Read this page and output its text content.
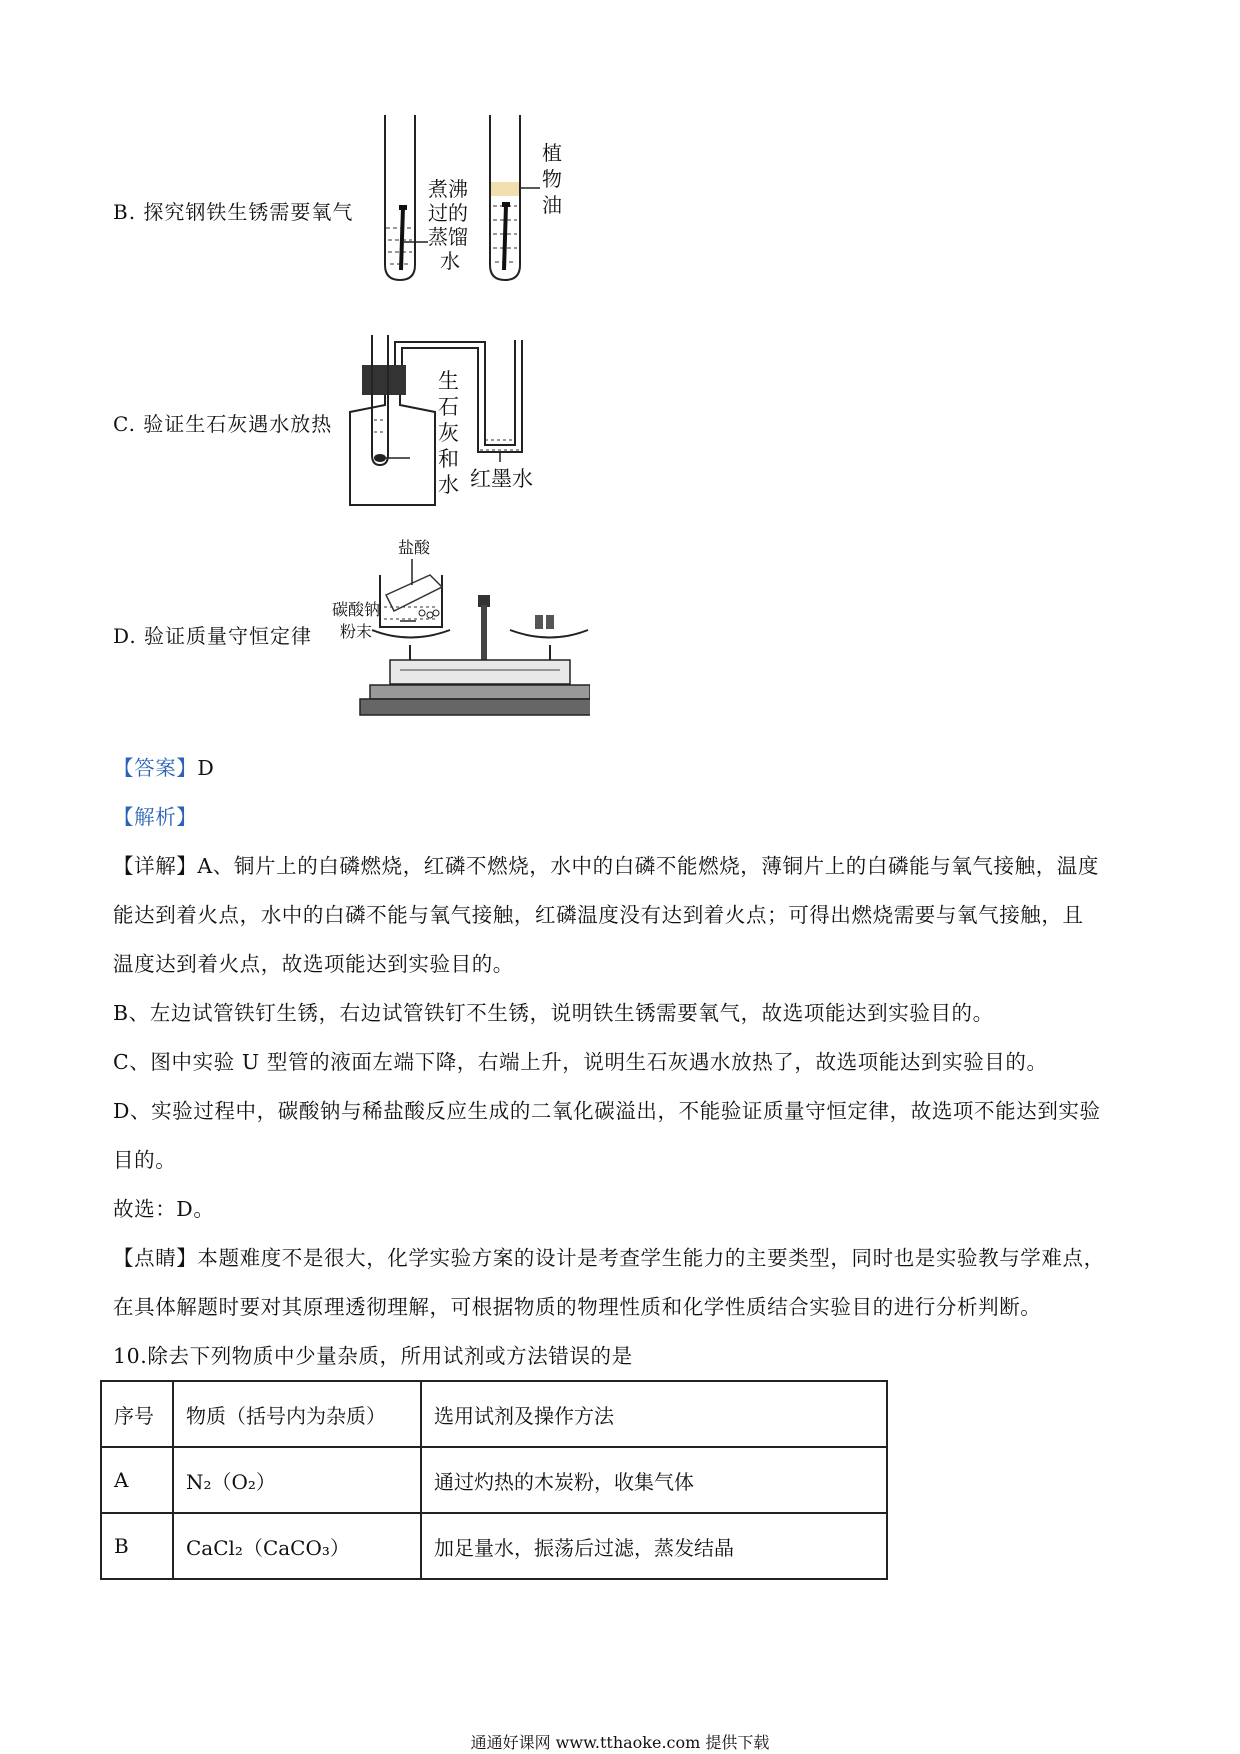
B. 探究钢铁生锈需要氧气
植
物
油
煮沸
过的
蒸馏
水
C. 验证生石灰遇水放热
生
石
灰
和
水 红墨水
D. 验证质量守恒定律
盐酸
碳酸钠
粉末
【答案】D
【解析】
【详解】A、铜片上的白磷燃烧，红磷不燃烧，水中的白磷不能燃烧，薄铜片上的白磷能与氧气接触，温度
能达到着火点，水中的白磷不能与氧气接触，红磷温度没有达到着火点；可得出燃烧需要与氧气接触，且
温度达到着火点，故选项能达到实验目的。
B、左边试管铁钉生锈，右边试管铁钉不生锈，说明铁生锈需要氧气，故选项能达到实验目的。
C、图中实验 U 型管的液面左端下降，右端上升，说明生石灰遇水放热了，故选项能达到实验目的。
D、实验过程中，碳酸钠与稀盐酸反应生成的二氧化碳溢出，不能验证质量守恒定律，故选项不能达到实验
目的。
故选：D。
【点睛】本题难度不是很大，化学实验方案的设计是考查学生能力的主要类型，同时也是实验教与学难点，
在具体解题时要对其原理透彻理解，可根据物质的物理性质和化学性质结合实验目的进行分析判断。
10.除去下列物质中少量杂质，所用试剂或方法错误的是
序号	物质（括号内为杂质）	选用试剂及操作方法
A	N₂（O₂）	通过灼热的木炭粉，收集气体
B	CaCl₂（CaCO₃）	加足量水，振荡后过滤，蒸发结晶
通通好课网 www.tthaoke.com 提供下载
